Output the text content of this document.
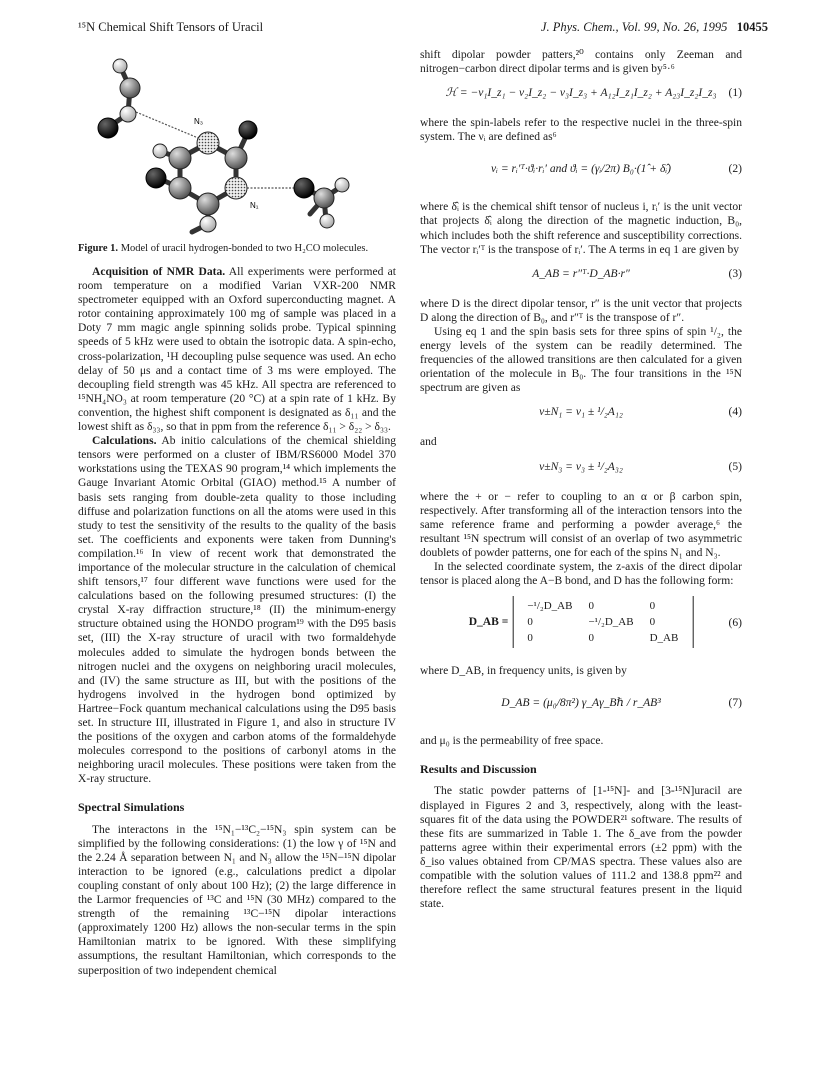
¹⁵N Chemical Shift Tensors of Uracil	J. Phys. Chem., Vol. 99, No. 26, 1995 10455
N₃
N₁

Figure 1. Model of uracil hydrogen-bonded to two H₂CO molecules.

Acquisition of NMR Data. All experiments were performed at room temperature on a modified Varian VXR-200 NMR spectrometer equipped with an Oxford superconducting magnet. A rotor containing approximately 100 mg of sample was placed in a Doty 7 mm magic angle spinning solids probe. Typical spinning speeds of 5 kHz were used to obtain the isotropic data. A spin-echo, cross-polarization, ¹H decoupling pulse sequence was used. An echo delay of 50 μs and a contact time of 3 ms were employed. The decoupling field strength was 45 kHz. All spectra are referenced to ¹⁵NH₄NO₃ at room temperature (20 °C) at a spin rate of 1 kHz. By convention, the highest shift component is designated as δ₁₁ and the lowest shift as δ₃₃, so that in ppm from the reference δ₁₁ > δ₂₂ > δ₃₃.

Calculations. Ab initio calculations of the chemical shielding tensors were performed on a cluster of IBM/RS6000 Model 370 workstations using the TEXAS 90 program,¹⁴ which implements the Gauge Invariant Atomic Orbital (GIAO) method.¹⁵ A number of basis sets ranging from double-zeta quality to those including diffuse and polarization functions on all the atoms were used in this study to test the sensitivity of the results to the quality of the basis set. The coefficients and exponents were taken from Dunning's compilation.¹⁶ In view of recent work that demonstrated the importance of the molecular structure in the calculation of chemical shift tensors,¹⁷ four different wave functions were used for the calculations based on the following presumed structures: (I) the crystal X-ray diffraction structure,¹⁸ (II) the minimum-energy structure obtained using the HONDO program¹⁹ with the D95 basis set, (III) the X-ray structure of uracil with two formaldehyde molecules added to simulate the hydrogen bonds between the nitrogen nuclei and the oxygens on neighboring uracil molecules, and (IV) the same structure as III, but with the positions of the hydrogens involved in the hydrogen bond optimized by Hartree−Fock quantum mechanical calculations using the D95 basis set. In structure III, illustrated in Figure 1, and also in structure IV the positions of the oxygen and carbon atoms of the formaldehyde molecules correspond to the positions of carbonyl atoms in the neighboring uracil molecules. These positions were taken from the X-ray structure.

Spectral Simulations

The interactons in the ¹⁵N₁−¹³C₂−¹⁵N₃ spin system can be simplified by the following considerations: (1) the low γ of ¹⁵N and the 2.24 Å separation between N₁ and N₃ allow the ¹⁵N−¹⁵N dipolar interaction to be ignored (e.g., calculations predict a dipolar coupling constant of only about 100 Hz); (2) the large difference in the Larmor frequencies of ¹³C and ¹⁵N (30 MHz) compared to the strength of the remaining ¹³C−¹⁵N dipolar interactions (approximately 1200 Hz) allows the non-secular terms in the spin Hamiltonian matrix to be ignored. With these simplifying assumptions, the resultant Hamiltonian, which corresponds to the superposition of two independent chemical

shift dipolar powder patters,²⁰ contains only Zeeman and nitrogen−carbon direct dipolar terms and is given by⁵·⁶

ℋ = −ν₁I_z₁ − ν₂I_z₂ − ν₃I_z₃ + A₁₂I_z₁I_z₂ + A₂₃I_z₂I_z₃ (1)

where the spin-labels refer to the respective nuclei in the three-spin system. The νᵢ are defined as⁶

νᵢ = rᵢ′ᵀ·ϑᵢ·rᵢ′ and ϑᵢ = (γᵢ/2π) B₀·(1̂ + δ̂ᵢ)	(2)

where δ̂ᵢ is the chemical shift tensor of nucleus i, rᵢ′ is the unit vector that projects δ̂ᵢ along the direction of the magnetic induction, B₀, which includes both the shift reference and susceptibility corrections. The vector rᵢ′ᵀ is the transpose of rᵢ′. The A terms in eq 1 are given by

A_AB = r″ᵀ·D_AB·r″	(3)

where D is the direct dipolar tensor, r″ is the unit vector that projects D along the direction of B₀, and r″ᵀ is the transpose of r″.

Using eq 1 and the spin basis sets for three spins of spin ¹/₂, the energy levels of the system can be readily determined. The frequencies of the allowed transitions are then calculated for a given orientation of the molecule in B₀. The four transitions in the ¹⁵N spectrum are given as

ν±N₁ = ν₁ ± ¹/₂A₁₂	(4)

and

ν±N₃ = ν₃ ± ¹/₂A₃₂	(5)

where the + or − refer to coupling to an α or β carbon spin, respectively. After transforming all of the interaction tensors into the same reference frame and performing a powder average,⁶ the resultant ¹⁵N spectrum will consist of an overlap of two asymmetric doublets of powder patterns, one for each of the spins N₁ and N₃.

In the selected coordinate system, the z-axis of the direct dipolar tensor is placed along the A−B bond, and D has the following form:

D_AB =
−¹/₂D_AB	0	0
0	−¹/₂D_AB	0
0	0	D_AB
(6)

where D_AB, in frequency units, is given by

D_AB = (μ₀/8π²) γ_Aγ_Bℏ / r_AB³	(7)

and μ₀ is the permeability of free space.

Results and Discussion

The static powder patterns of [1-¹⁵N]- and [3-¹⁵N]uracil are displayed in Figures 2 and 3, respectively, along with the least-squares fit of the data using the POWDER²¹ software. The results of these fits are summarized in Table 1. The δ_ave from the powder patterns agree within their experimental errors (±2 ppm) with the δ_iso values obtained from CP/MAS spectra. These values also are compatible with the solution values of 111.2 and 138.8 ppm²² and therefore reflect the same structural features present in the liquid state.
